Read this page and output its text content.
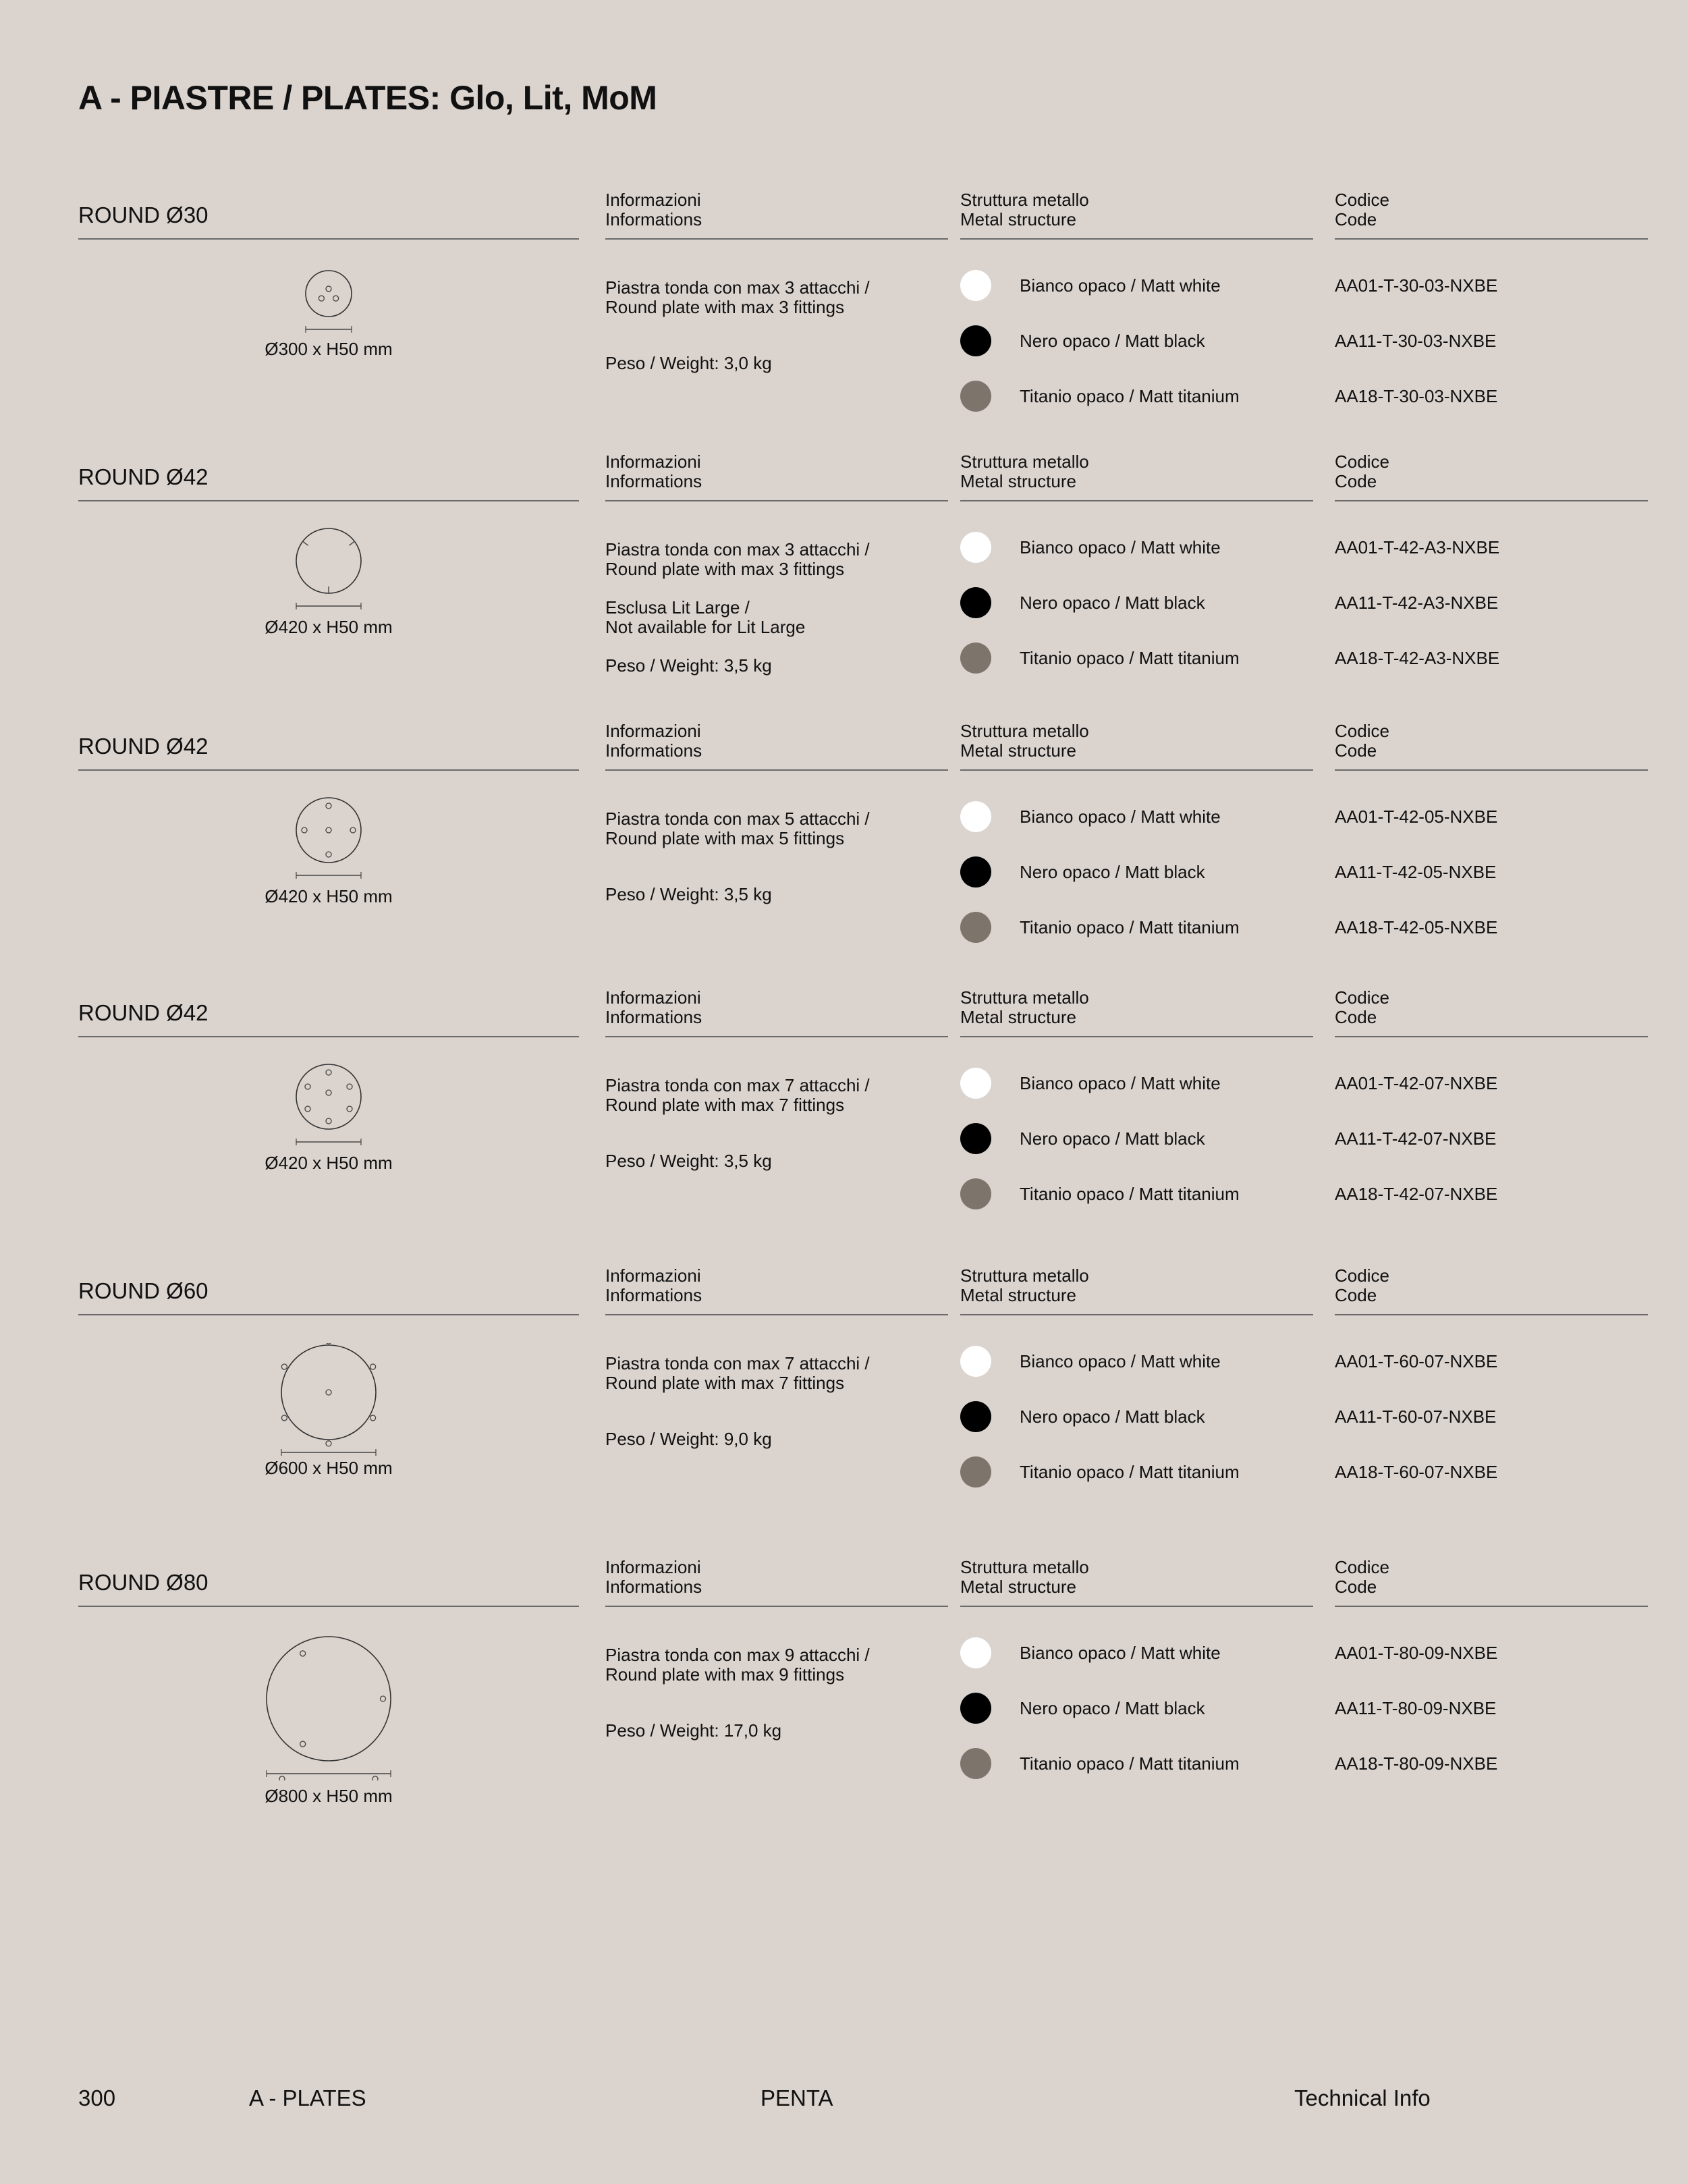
A - PIASTRE / PLATES: Glo, Lit, MoM
ROUND Ø30
Informazioni
Informations
Struttura metallo
Metal structure
Codice
Code
Ø300 x H50 mm
Piastra tonda con max 3 attacchi /
Round plate with max 3 fittings
Peso / Weight: 3,0 kg
Bianco opaco / Matt white	AA01-T-30-03-NXBE
Nero opaco / Matt black	AA11-T-30-03-NXBE
Titanio opaco / Matt titanium	AA18-T-30-03-NXBE
ROUND Ø42
Informazioni
Informations
Struttura metallo
Metal structure
Codice
Code
Ø420 x H50 mm
Piastra tonda con max 3 attacchi /
Round plate with max 3 fittings
Esclusa Lit Large /
Not available for Lit Large
Peso / Weight: 3,5 kg
Bianco opaco / Matt white	AA01-T-42-A3-NXBE
Nero opaco / Matt black	AA11-T-42-A3-NXBE
Titanio opaco / Matt titanium	AA18-T-42-A3-NXBE
ROUND Ø42
Informazioni
Informations
Struttura metallo
Metal structure
Codice
Code
Ø420 x H50 mm
Piastra tonda con max 5 attacchi /
Round plate with max 5 fittings
Peso / Weight: 3,5 kg
Bianco opaco / Matt white	AA01-T-42-05-NXBE
Nero opaco / Matt black	AA11-T-42-05-NXBE
Titanio opaco / Matt titanium	AA18-T-42-05-NXBE
ROUND Ø42
Informazioni
Informations
Struttura metallo
Metal structure
Codice
Code
Ø420 x H50 mm
Piastra tonda con max 7 attacchi /
Round plate with max 7 fittings
Peso / Weight: 3,5 kg
Bianco opaco / Matt white	AA01-T-42-07-NXBE
Nero opaco / Matt black	AA11-T-42-07-NXBE
Titanio opaco / Matt titanium	AA18-T-42-07-NXBE
ROUND Ø60
Informazioni
Informations
Struttura metallo
Metal structure
Codice
Code
Ø600 x H50 mm
Piastra tonda con max 7 attacchi /
Round plate with max 7 fittings
Peso / Weight: 9,0 kg
Bianco opaco / Matt white	AA01-T-60-07-NXBE
Nero opaco / Matt black	AA11-T-60-07-NXBE
Titanio opaco / Matt titanium	AA18-T-60-07-NXBE
ROUND Ø80
Informazioni
Informations
Struttura metallo
Metal structure
Codice
Code
Ø800 x H50 mm
Piastra tonda con max 9 attacchi /
Round plate with max 9 fittings
Peso / Weight: 17,0 kg
Bianco opaco / Matt white	AA01-T-80-09-NXBE
Nero opaco / Matt black	AA11-T-80-09-NXBE
Titanio opaco / Matt titanium	AA18-T-80-09-NXBE
300	A - PLATES	PENTA	Technical Info
